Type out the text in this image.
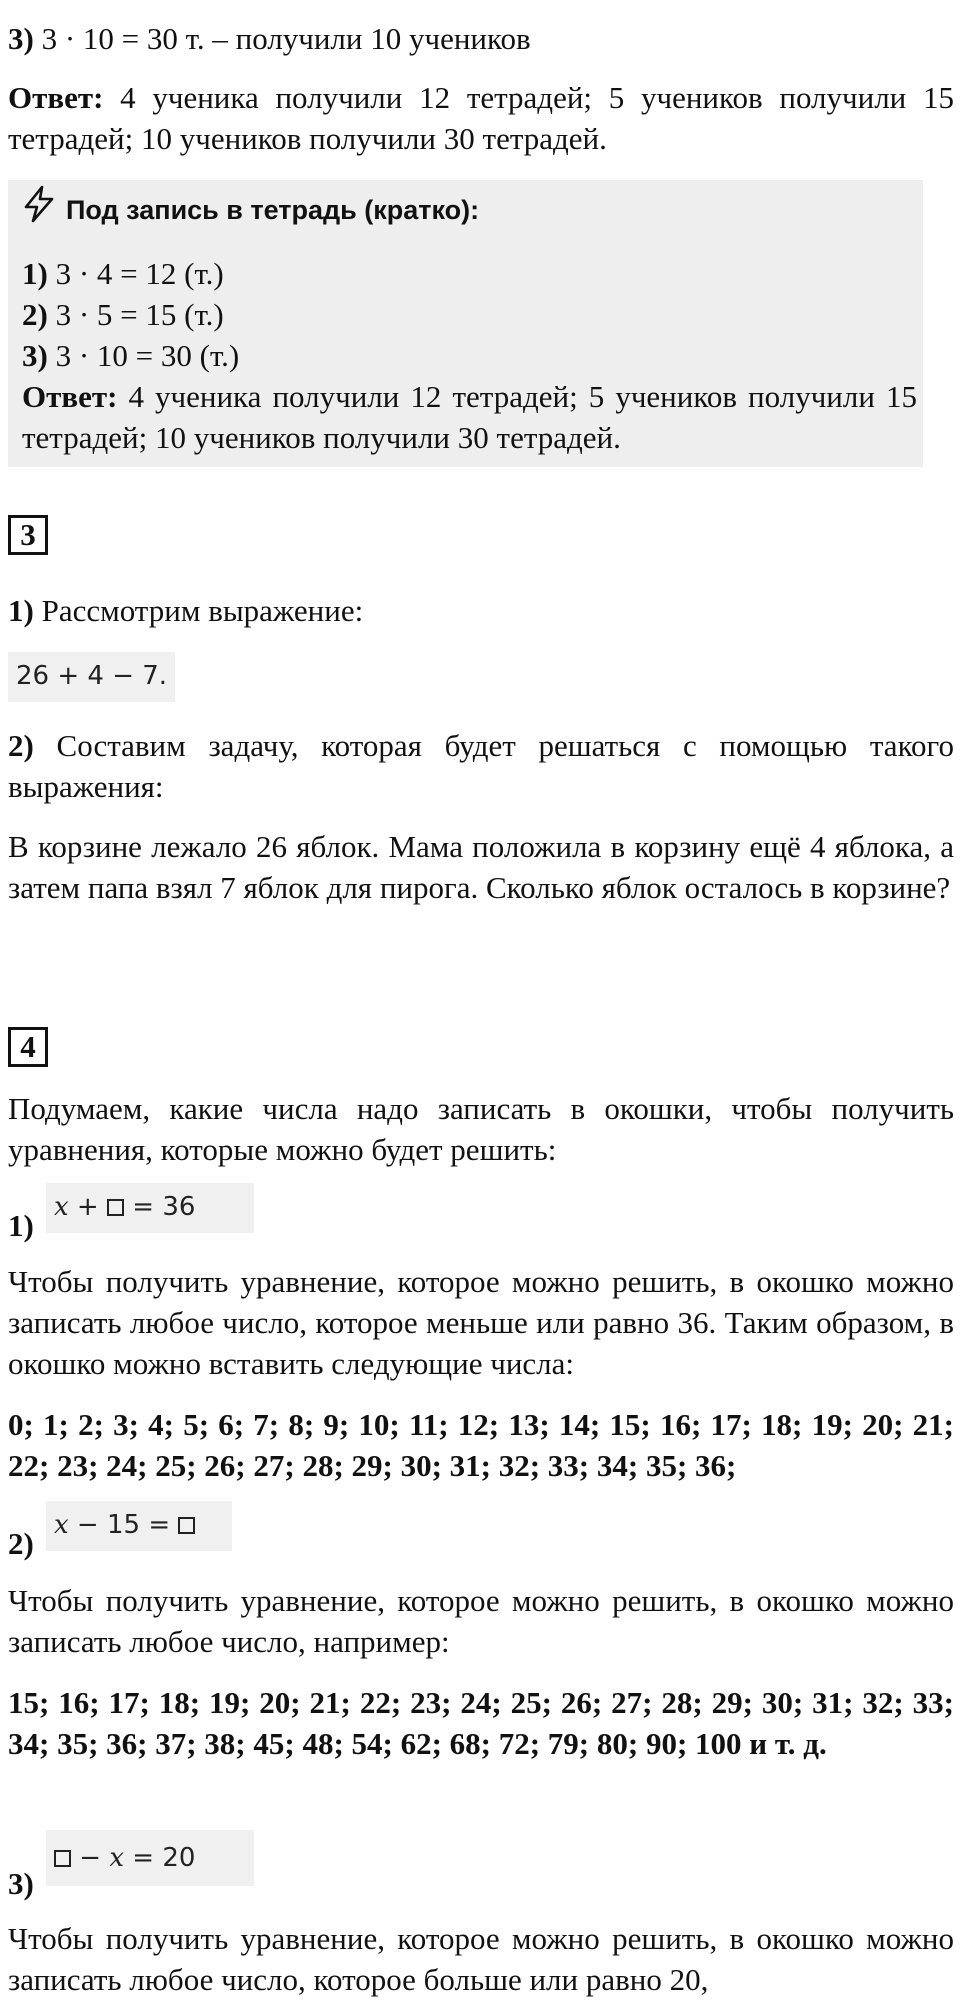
3) 3 · 10 = 30 т. – получили 10 учеников
Ответ: 4 ученика получили 12 тетрадей; 5 учеников получили 15 тетрадей; 10 учеников получили 30 тетрадей.
Под запись в тетрадь (кратко):
1) 3 · 4 = 12 (т.)
2) 3 · 5 = 15 (т.)
3) 3 · 10 = 30 (т.)
Ответ: 4 ученика получили 12 тетрадей; 5 учеников получили 15 тетрадей; 10 учеников получили 30 тетрадей.
3
1) Рассмотрим выражение:
26 + 4 − 7.
2) Составим задачу, которая будет решаться с помощью такого выражения:
В корзине лежало 26 яблок. Мама положила в корзину ещё 4 яблока, а затем папа взял 7 яблок для пирога. Сколько яблок осталось в корзине?
4
Подумаем, какие числа надо записать в окошки, чтобы получить уравнения, которые можно будет решить:
1)
x +  = 36
Чтобы получить уравнение, которое можно решить, в окошко можно записать любое число, которое меньше или равно 36. Таким образом, в окошко можно вставить следующие числа:
0; 1; 2; 3; 4; 5; 6; 7; 8; 9; 10; 11; 12; 13; 14; 15; 16; 17; 18; 19; 20; 21; 22; 23; 24; 25; 26; 27; 28; 29; 30; 31; 32; 33; 34; 35; 36;
2)
x − 15 =
Чтобы получить уравнение, которое можно решить, в окошко можно записать любое число, например:
15; 16; 17; 18; 19; 20; 21; 22; 23; 24; 25; 26; 27; 28; 29; 30; 31; 32; 33; 34; 35; 36; 37; 38; 45; 48; 54; 62; 68; 72; 79; 80; 90; 100 и т. д.
3)
− x = 20
Чтобы получить уравнение, которое можно решить, в окошко можно записать любое число, которое больше или равно 20,
